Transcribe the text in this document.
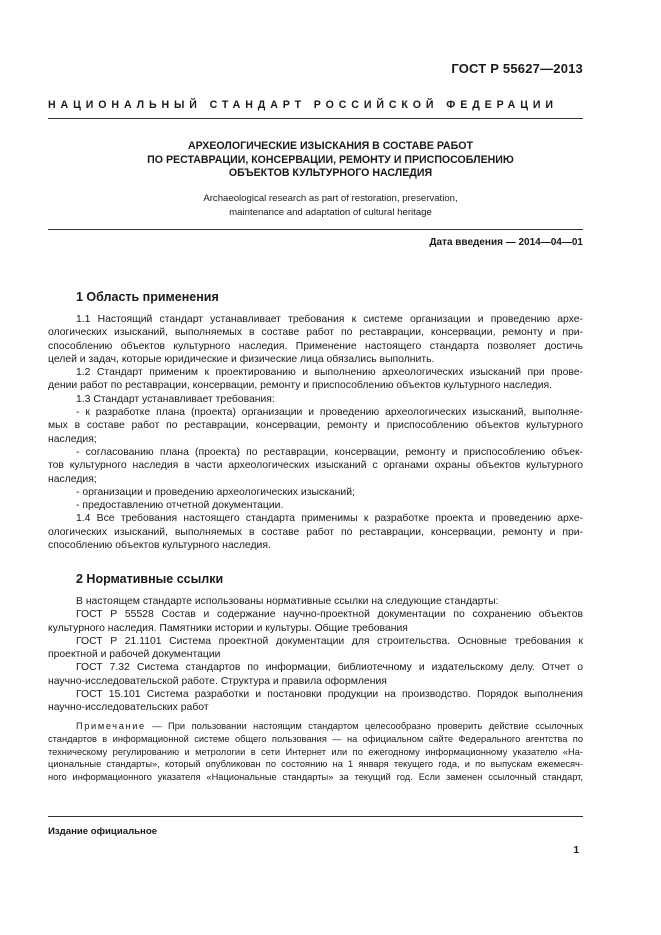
ГОСТ Р 55627—2013
НАЦИОНАЛЬНЫЙ СТАНДАРТ РОССИЙСКОЙ ФЕДЕРАЦИИ
АРХЕОЛОГИЧЕСКИЕ ИЗЫСКАНИЯ В СОСТАВЕ РАБОТ
ПО РЕСТАВРАЦИИ, КОНСЕРВАЦИИ, РЕМОНТУ И ПРИСПОСОБЛЕНИЮ
ОБЪЕКТОВ КУЛЬТУРНОГО НАСЛЕДИЯ
Archaeological research as part of restoration, preservation,
maintenance and adaptation of cultural heritage
Дата введения — 2014—04—01
1 Область применения
1.1 Настоящий стандарт устанавливает требования к системе организации и проведению архе-
ологических изысканий, выполняемых в составе работ по реставрации, консервации, ремонту и при-
способлению объектов культурного наследия. Применение настоящего стандарта позволяет достичь
целей и задач, которые юридические и физические лица обязались выполнить.
1.2 Стандарт применим к проектированию и выполнению археологических изысканий при прове-
дении работ по реставрации, консервации, ремонту и приспособлению объектов культурного наследия.
1.3 Стандарт устанавливает требования:
- к разработке плана (проекта) организации и проведению археологических изысканий, выполняе-
мых в составе работ по реставрации, консервации, ремонту и приспособлению объектов культурного
наследия;
- согласованию плана (проекта) по реставрации, консервации, ремонту и приспособлению объек-
тов культурного наследия в части археологических изысканий с органами охраны объектов культурного
наследия;
- организации и проведению археологических изысканий;
- предоставлению отчетной документации.
1.4 Все требования настоящего стандарта применимы к разработке проекта и проведению архе-
ологических изысканий, выполняемых в составе работ по реставрации, консервации, ремонту и при-
способлению объектов культурного наследия.
2 Нормативные ссылки
В настоящем стандарте использованы нормативные ссылки на следующие стандарты:
ГОСТ Р 55528 Состав и содержание научно-проектной документации по сохранению объектов
культурного наследия. Памятники истории и культуры. Общие требования
ГОСТ Р 21.1101 Система проектной документации для строительства. Основные требования к
проектной и рабочей документации
ГОСТ 7.32 Система стандартов по информации, библиотечному и издательскому делу. Отчет о
научно-исследовательской работе. Структура и правила оформления
ГОСТ 15.101 Система разработки и постановки продукции на производство. Порядок выполнения
научно-исследовательских работ
Примечание — При пользовании настоящим стандартом целесообразно проверить действие ссылочных
стандартов в информационной системе общего пользования — на официальном сайте Федерального агентства по
техническому регулированию и метрологии в сети Интернет или по ежегодному информационному указателю «На-
циональные стандарты», который опубликован по состоянию на 1 января текущего года, и по выпускам ежемесяч-
ного информационного указателя «Национальные стандарты» за текущий год. Если заменен ссылочный стандарт,
Издание официальное
1
